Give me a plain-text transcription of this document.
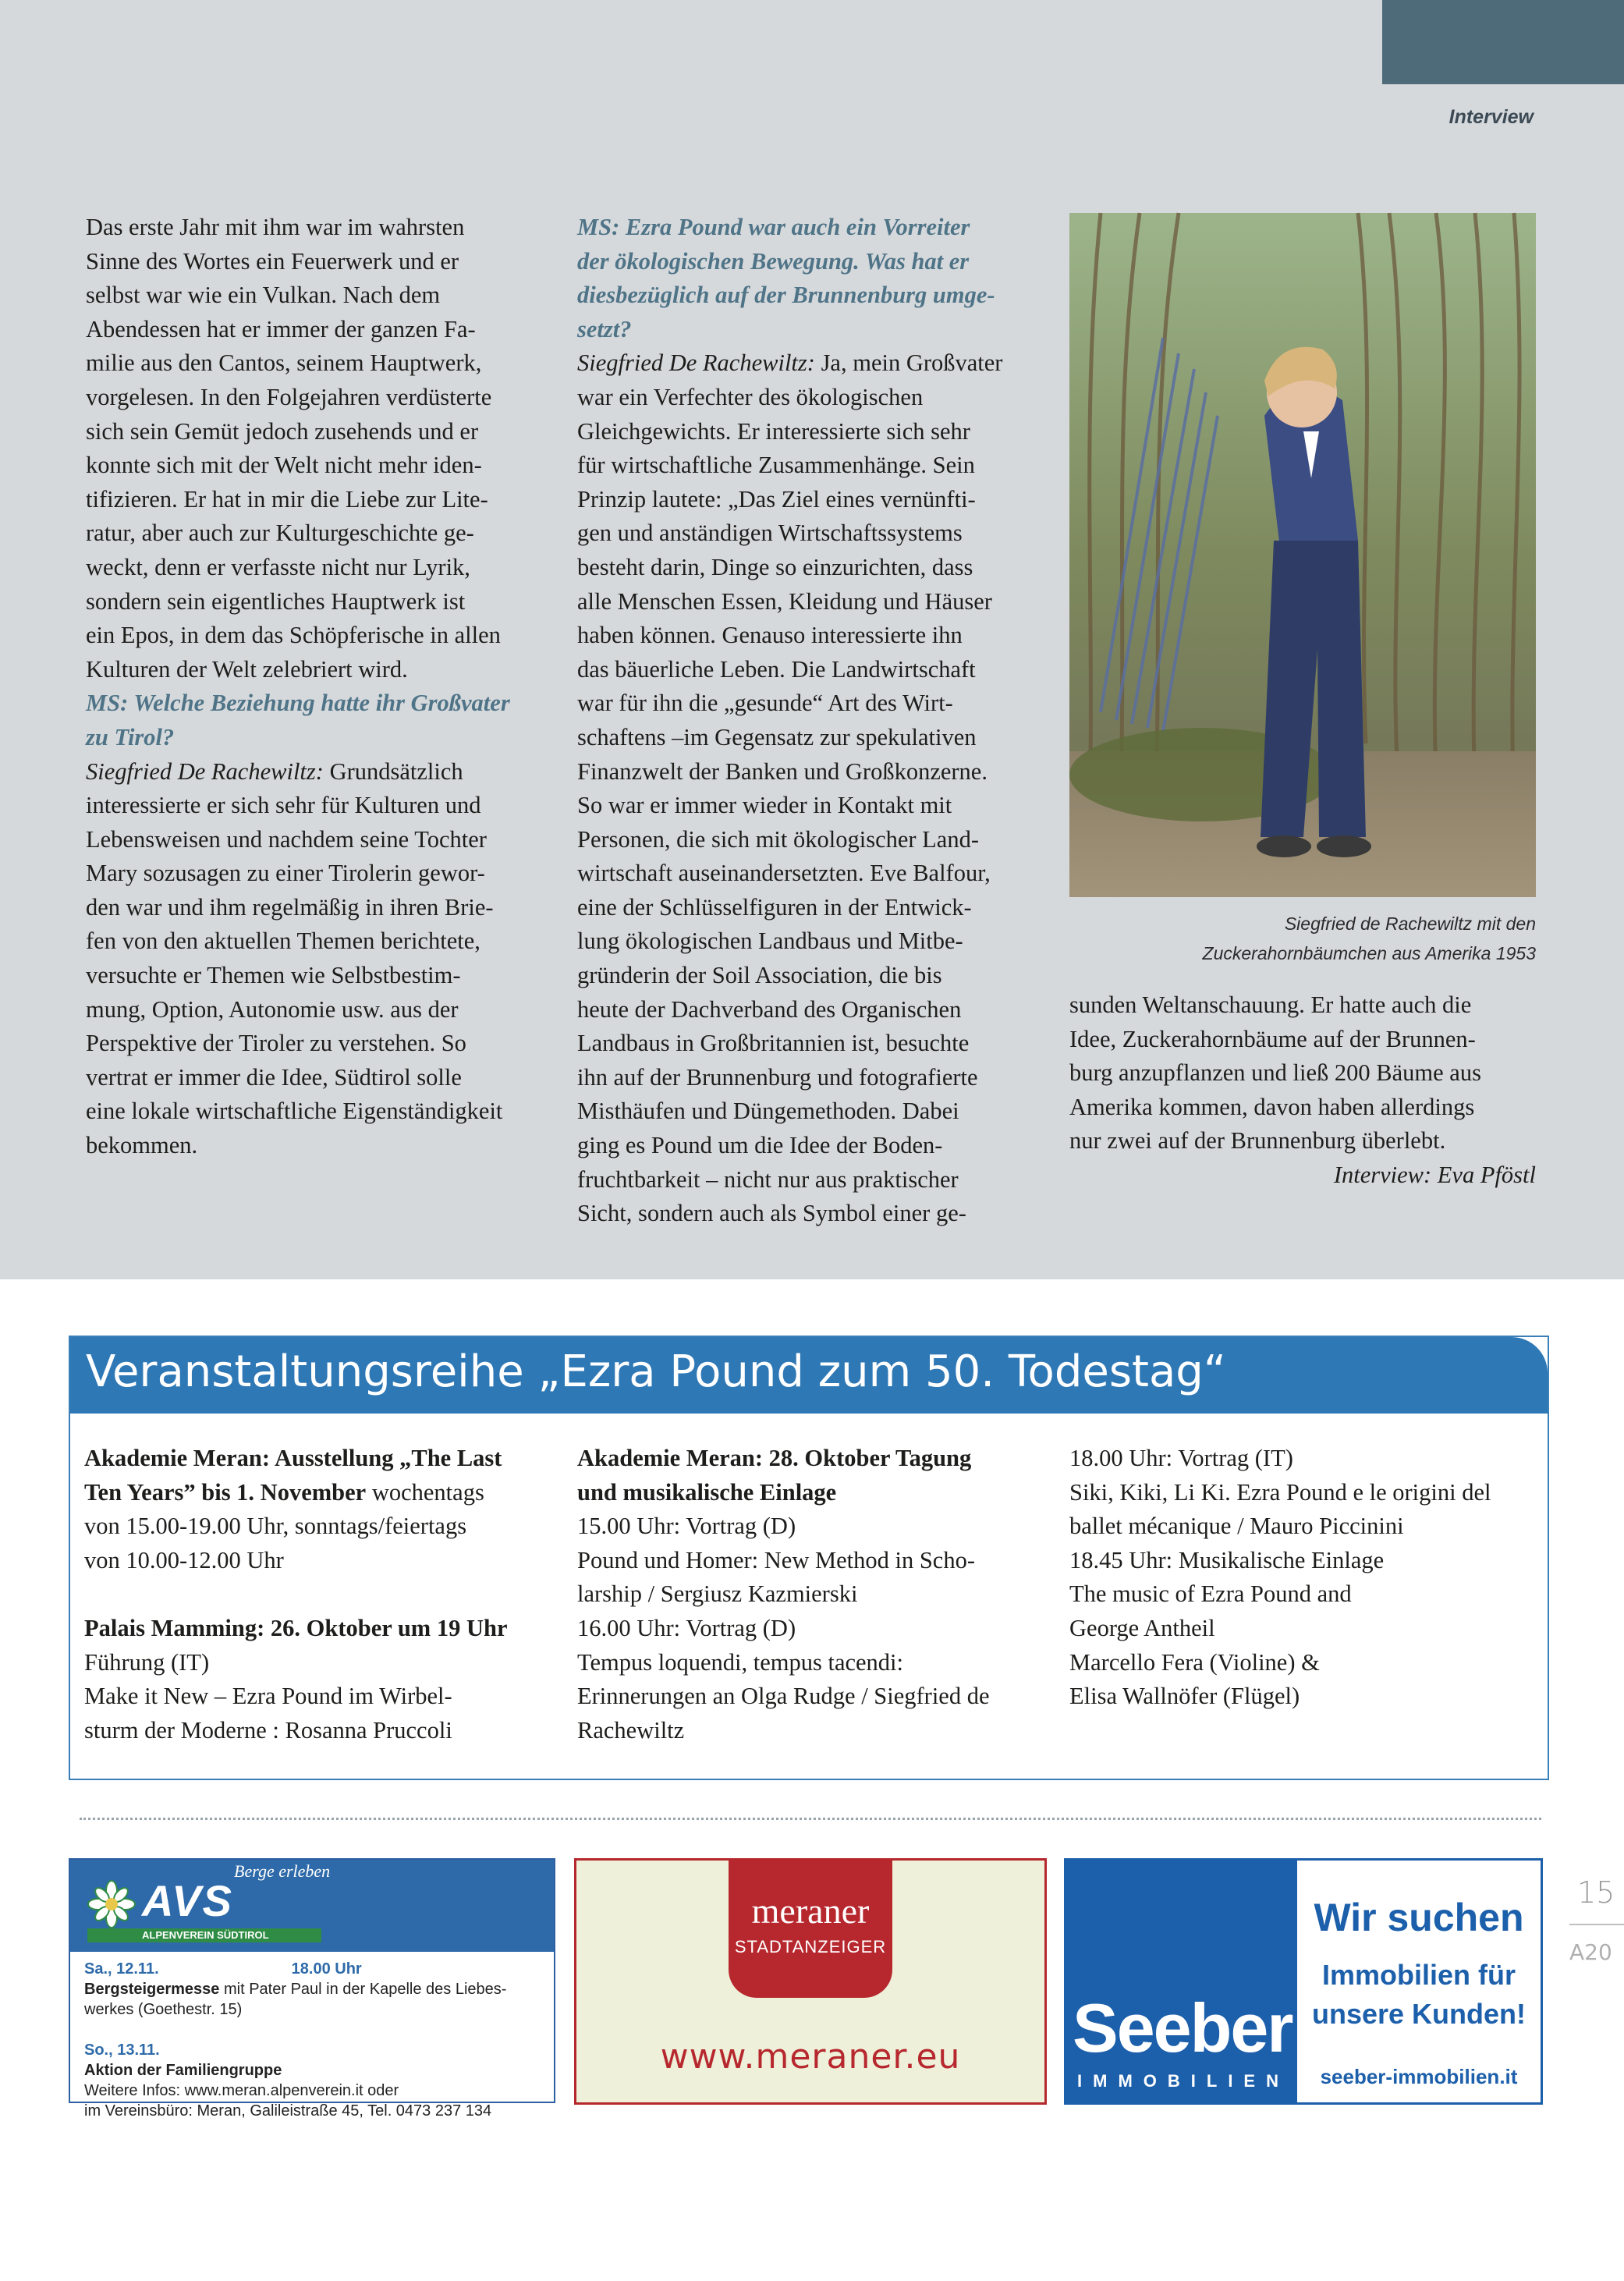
Interview

Das erste Jahr mit ihm war im wahrsten

Sinne des Wortes ein Feuerwerk und er

selbst war wie ein Vulkan. Nach dem

Abendessen hat er immer der ganzen Fa-

milie aus den Cantos, seinem Hauptwerk,

vorgelesen. In den Folgejahren verdüsterte

sich sein Gemüt jedoch zusehends und er

konnte sich mit der Welt nicht mehr iden-

tifizieren. Er hat in mir die Liebe zur Lite-

ratur, aber auch zur Kulturgeschichte ge-

weckt, denn er verfasste nicht nur Lyrik,

sondern sein eigentliches Hauptwerk ist

ein Epos, in dem das Schöpferische in allen

Kulturen der Welt zelebriert wird.

MS: Welche Beziehung hatte ihr Großvater

zu Tirol?

Siegfried De Rachewiltz: Grundsätzlich

interessierte er sich sehr für Kulturen und

Lebensweisen und nachdem seine Tochter

Mary sozusagen zu einer Tirolerin gewor-

den war und ihm regelmäßig in ihren Brie-

fen von den aktuellen Themen berichtete,

versuchte er Themen wie Selbstbestim-

mung, Option, Autonomie usw. aus der

Perspektive der Tiroler zu verstehen. So

vertrat er immer die Idee, Südtirol solle

eine lokale wirtschaftliche Eigenständigkeit

bekommen.

MS: Ezra Pound war auch ein Vorreiter

der ökologischen Bewegung. Was hat er

diesbezüglich auf der Brunnenburg umge-

setzt?

Siegfried De Rachewiltz: Ja, mein Großvater

war ein Verfechter des ökologischen

Gleichgewichts. Er interessierte sich sehr

für wirtschaftliche Zusammenhänge. Sein

Prinzip lautete: „Das Ziel eines vernünfti-

gen und anständigen Wirtschaftssystems

besteht darin, Dinge so einzurichten, dass

alle Menschen Essen, Kleidung und Häuser

haben können. Genauso interessierte ihn

das bäuerliche Leben. Die Landwirtschaft

war für ihn die „gesunde“ Art des Wirt-

schaftens –im Gegensatz zur spekulativen

Finanzwelt der Banken und Großkonzerne.

So war er immer wieder in Kontakt mit

Personen, die sich mit ökologischer Land-

wirtschaft auseinandersetzten. Eve Balfour,

eine der Schlüsselfiguren in der Entwick-

lung ökologischen Landbaus und Mitbe-

gründerin der Soil Association, die bis

heute der Dachverband des Organischen

Landbaus in Großbritannien ist, besuchte

ihn auf der Brunnenburg und fotografierte

Misthäufen und Düngemethoden. Dabei

ging es Pound um die Idee der Boden-

fruchtbarkeit – nicht nur aus praktischer

Sicht, sondern auch als Symbol einer ge-

Siegfried de Rachewiltz mit den
Zuckerahornbäumchen aus Amerika 1953

sunden Weltanschauung. Er hatte auch die

Idee, Zuckerahornbäume auf der Brunnen-

burg anzupflanzen und ließ 200 Bäume aus

Amerika kommen, davon haben allerdings

nur zwei auf der Brunnenburg überlebt.

Interview: Eva Pföstl

Veranstaltungsreihe „Ezra Pound zum 50. Todestag“

Akademie Meran: Ausstellung „The Last

Ten Years” bis 1. November wochentags

von 15.00-19.00 Uhr, sonntags/feiertags

von 10.00-12.00 Uhr

Palais Mamming: 26. Oktober um 19 Uhr

Führung (IT)

Make it New – Ezra Pound im Wirbel-

sturm der Moderne : Rosanna Pruccoli

Akademie Meran: 28. Oktober Tagung

und musikalische Einlage

15.00 Uhr: Vortrag (D)

Pound und Homer: New Method in Scho-

larship / Sergiusz Kazmierski

16.00 Uhr: Vortrag (D)

Tempus loquendi, tempus tacendi:

Erinnerungen an Olga Rudge / Siegfried de

Rachewiltz

18.00 Uhr: Vortrag (IT)

Siki, Kiki, Li Ki. Ezra Pound e le origini del

ballet mécanique / Mauro Piccinini

18.45 Uhr: Musikalische Einlage

The music of Ezra Pound and

George Antheil

Marcello Fera (Violine) &

Elisa Wallnöfer (Flügel)

Berge erleben
AVS
ALPENVEREIN SÜDTIROL

Sa., 12.11.	18.00 Uhr

Bergsteigermesse mit Pater Paul in der Kapelle des Liebes-

werkes (Goethestr. 15)

So., 13.11.

Aktion der Familiengruppe

Weitere Infos: www.meran.alpenverein.it oder

im Vereinsbüro: Meran, Galileistraße 45, Tel. 0473 237 134

meraner
STADTANZEIGER
www.meraner.eu	Seeber
IMMOBILIEN
Wir suchen
Immobilien für
unsere Kunden!
seeber-immobilien.it
15
A20
